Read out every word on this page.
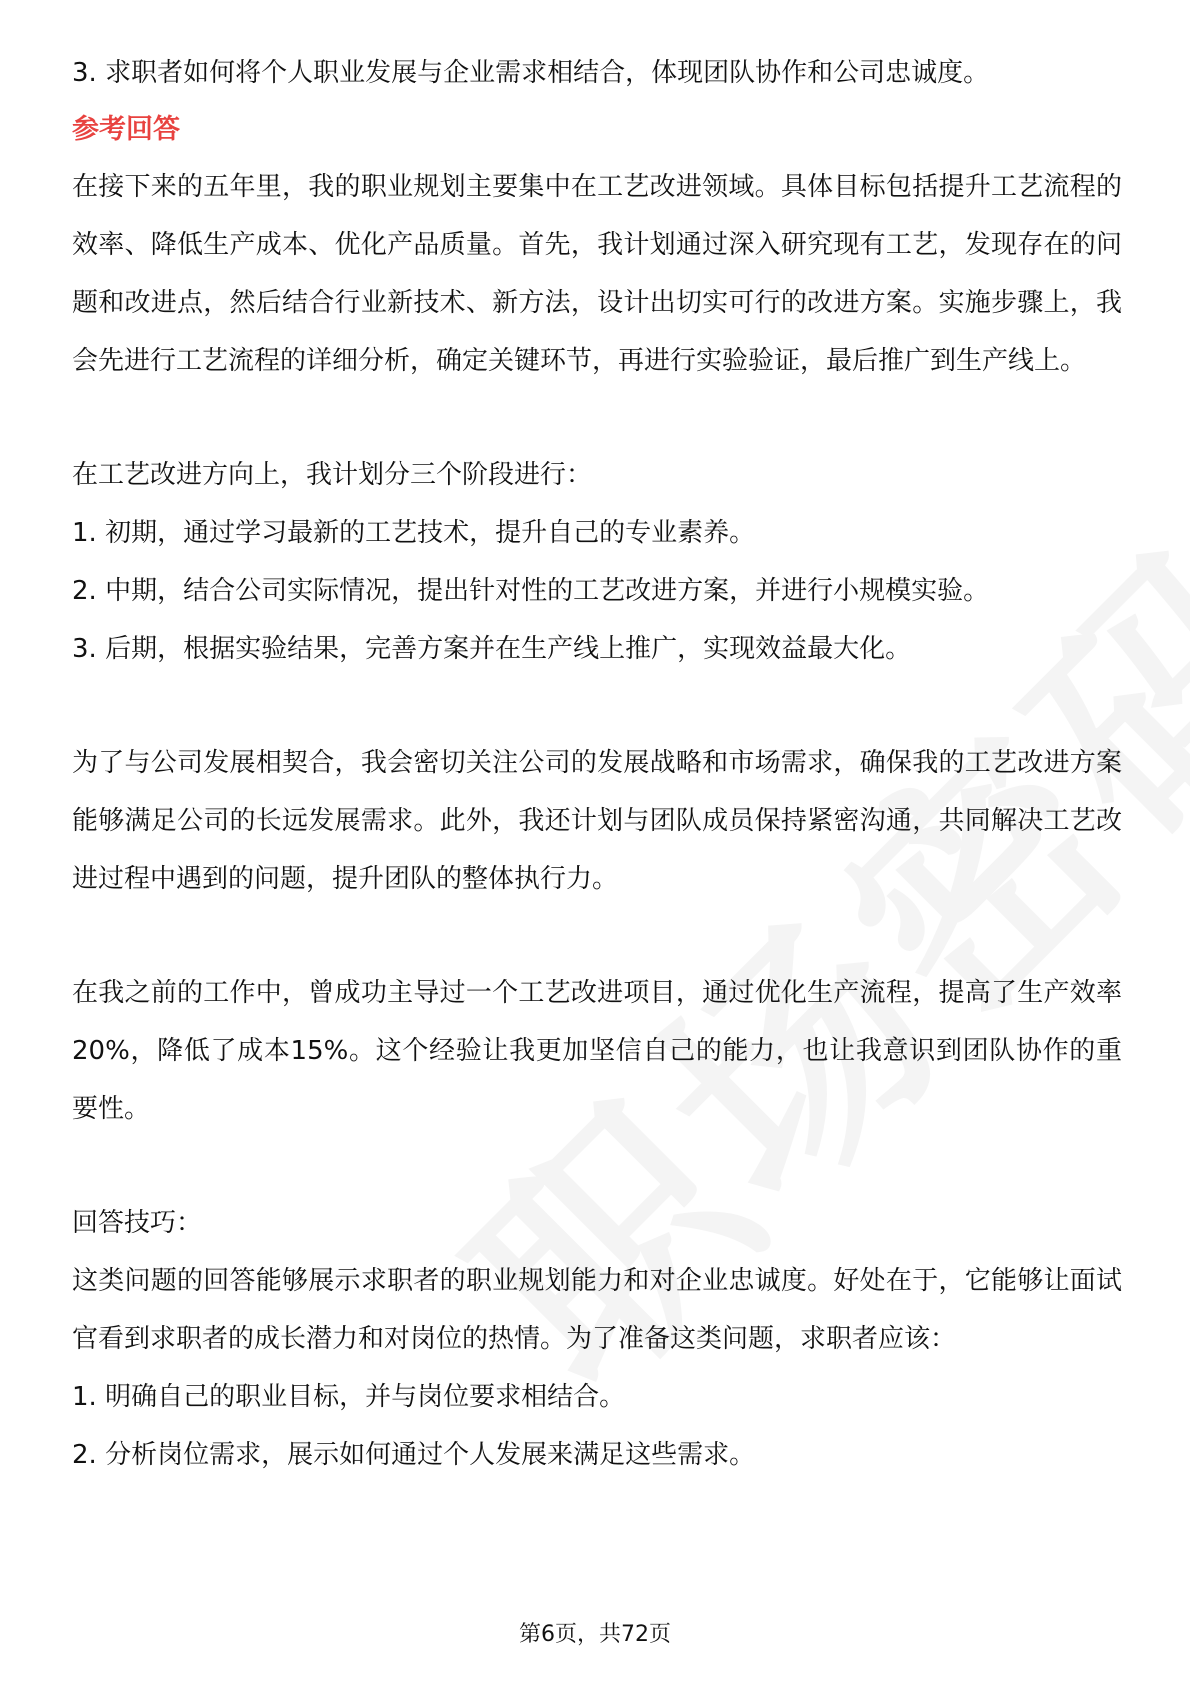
3. 求职者如何将个人职业发展与企业需求相结合，体现团队协作和公司忠诚度。

参考回答

在接下来的五年里，我的职业规划主要集中在工艺改进领域。具体目标包括提升工艺流程的效率、降低生产成本、优化产品质量。首先，我计划通过深入研究现有工艺，发现存在的问题和改进点，然后结合行业新技术、新方法，设计出切实可行的改进方案。实施步骤上，我会先进行工艺流程的详细分析，确定关键环节，再进行实验验证，最后推广到生产线上。

在工艺改进方向上，我计划分三个阶段进行：

1. 初期，通过学习最新的工艺技术，提升自己的专业素养。

2. 中期，结合公司实际情况，提出针对性的工艺改进方案，并进行小规模实验。

3. 后期，根据实验结果，完善方案并在生产线上推广，实现效益最大化。

为了与公司发展相契合，我会密切关注公司的发展战略和市场需求，确保我的工艺改进方案能够满足公司的长远发展需求。此外，我还计划与团队成员保持紧密沟通，共同解决工艺改进过程中遇到的问题，提升团队的整体执行力。

在我之前的工作中，曾成功主导过一个工艺改进项目，通过优化生产流程，提高了生产效率20%，降低了成本15%。这个经验让我更加坚信自己的能力，也让我意识到团队协作的重要性。

回答技巧：

这类问题的回答能够展示求职者的职业规划能力和对企业忠诚度。好处在于，它能够让面试官看到求职者的成长潜力和对岗位的热情。为了准备这类问题，求职者应该：

1. 明确自己的职业目标，并与岗位要求相结合。

2. 分析岗位需求，展示如何通过个人发展来满足这些需求。

第6页，共72页
